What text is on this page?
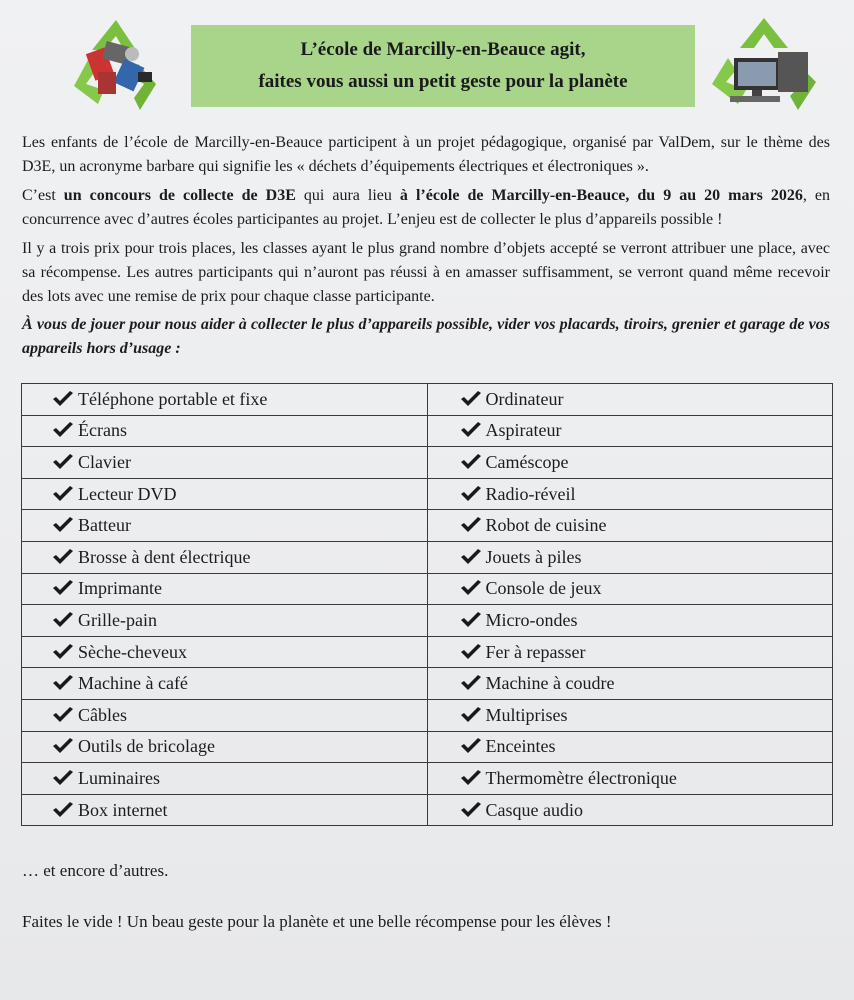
L’école de Marcilly-en-Beauce agit,
faites vous aussi un petit geste pour la planète

Les enfants de l’école de Marcilly-en-Beauce participent à un projet pédagogique, organisé par ValDem, sur le thème des D3E, un acronyme barbare qui signifie les « déchets d’équipements électriques et électroniques ».

C’est un concours de collecte de D3E qui aura lieu à l’école de Marcilly-en-Beauce, du 9 au 20 mars 2026, en concurrence avec d’autres écoles participantes au projet. L’enjeu est de collecter le plus d’appareils possible !

Il y a trois prix pour trois places, les classes ayant le plus grand nombre d’objets accepté se verront attribuer une place, avec sa récompense. Les autres participants qui n’auront pas réussi à en amasser suffisamment, se verront quand même recevoir des lots avec une remise de prix pour chaque classe participante.

À vous de jouer pour nous aider à collecter le plus d’appareils possible, vider vos placards, tiroirs, grenier et garage de vos appareils hors d’usage :

Téléphone portable et fixe	Ordinateur
Écrans	Aspirateur
Clavier	Caméscope
Lecteur DVD	Radio-réveil
Batteur	Robot de cuisine
Brosse à dent électrique	Jouets à piles
Imprimante	Console de jeux
Grille-pain	Micro-ondes
Sèche-cheveux	Fer à repasser
Machine à café	Machine à coudre
Câbles	Multiprises
Outils de bricolage	Enceintes
Luminaires	Thermomètre électronique
Box internet	Casque audio

… et encore d’autres.

Faites le vide ! Un beau geste pour la planète et une belle récompense pour les élèves !
